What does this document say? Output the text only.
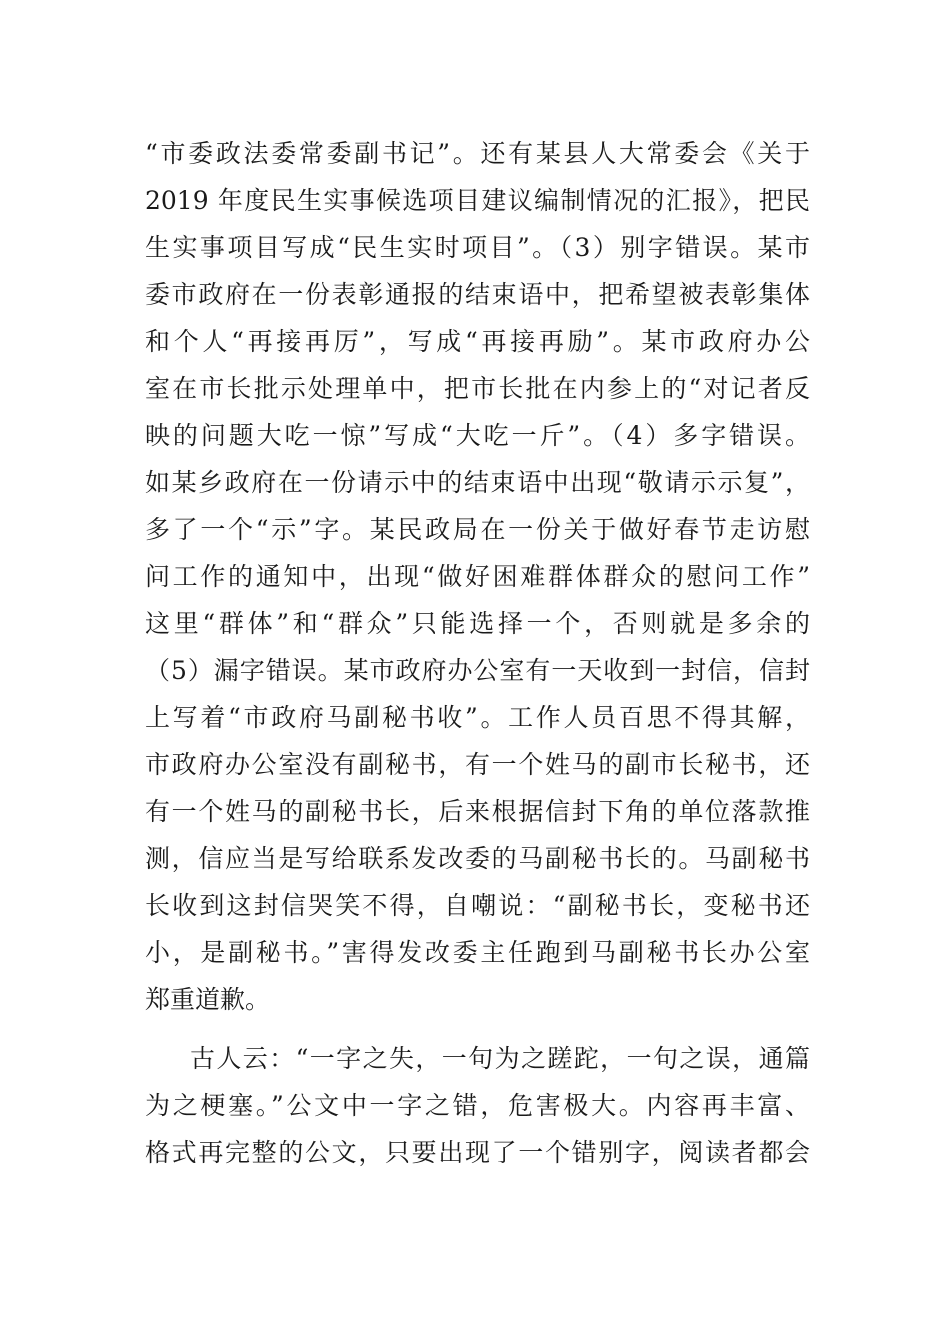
“市委政法委常委副书记”。还有某县人大常委会《关于
2019 年度民生实事候选项目建议编制情况的汇报》，把民
生实事项目写成“民生实时项目”。（3）别字错误。某市
委市政府在一份表彰通报的结束语中，把希望被表彰集体
和个人“再接再厉”，写成“再接再励”。某市政府办公
室在市长批示处理单中，把市长批在内参上的“对记者反
映的问题大吃一惊”写成“大吃一斤”。（4）多字错误。
如某乡政府在一份请示中的结束语中出现“敬请示示复”，
多了一个“示”字。某民政局在一份关于做好春节走访慰
问工作的通知中，出现“做好困难群体群众的慰问工作”
这里“群体”和“群众”只能选择一个，否则就是多余的
（5）漏字错误。某市政府办公室有一天收到一封信，信封
上写着“市政府马副秘书收”。工作人员百思不得其解，
市政府办公室没有副秘书，有一个姓马的副市长秘书，还
有一个姓马的副秘书长，后来根据信封下角的单位落款推
测，信应当是写给联系发改委的马副秘书长的。马副秘书
长收到这封信哭笑不得，自嘲说：“副秘书长，变秘书还
小，是副秘书。”害得发改委主任跑到马副秘书长办公室
郑重道歉。
古人云：“一字之失，一句为之蹉跎，一句之误，通篇
为之梗塞。”公文中一字之错，危害极大。内容再丰富、
格式再完整的公文，只要出现了一个错别字，阅读者都会
